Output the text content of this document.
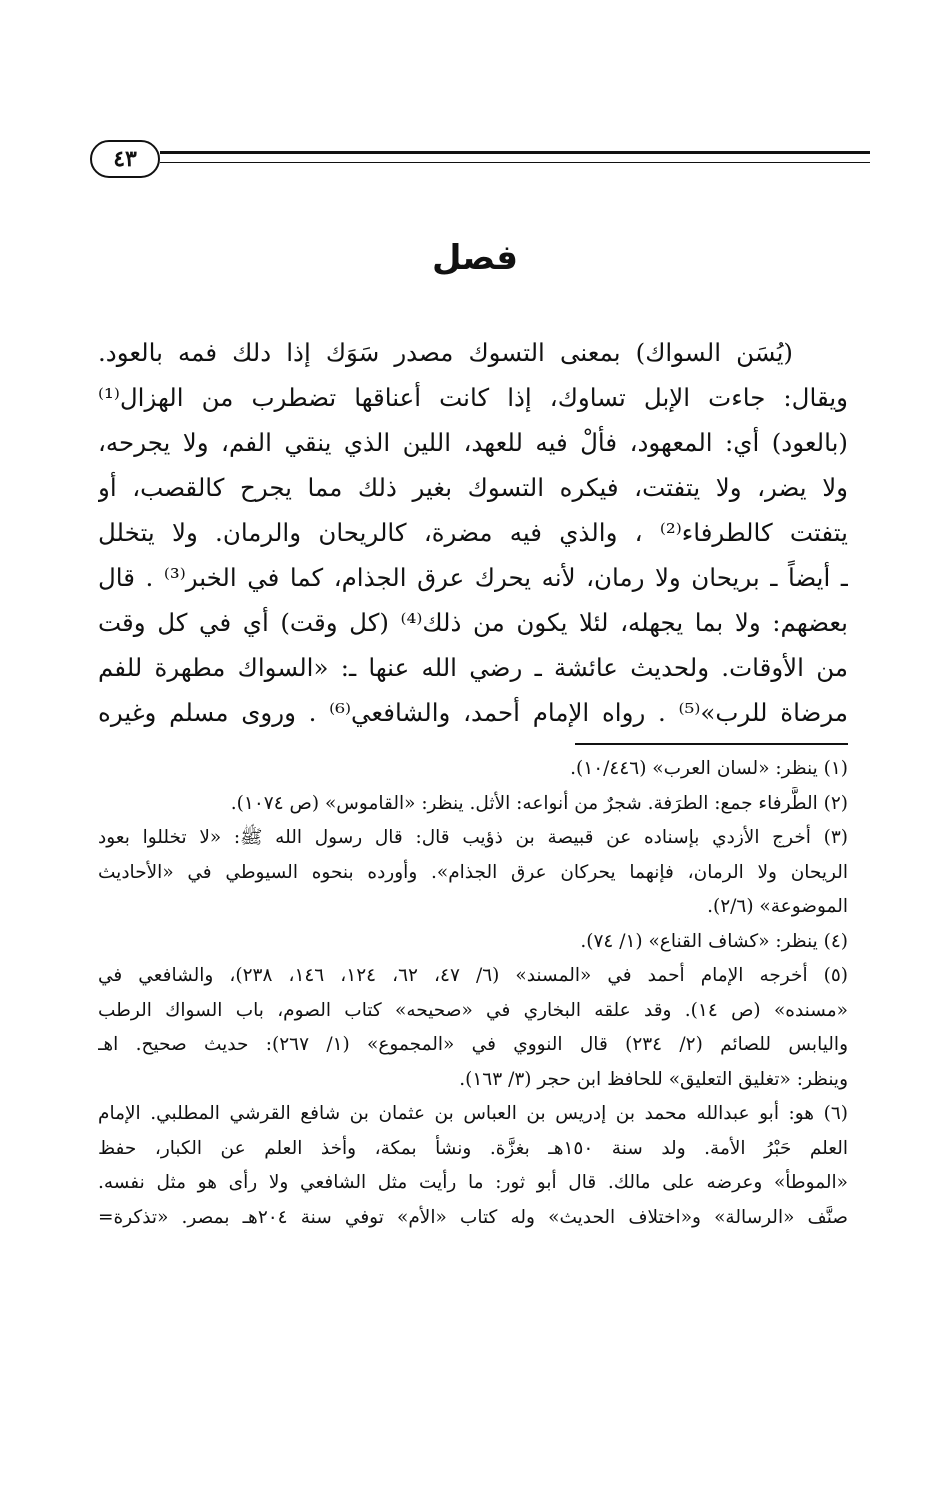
٤٣
فصل
(يُسَن السواك) بمعنى التسوك مصدر سَوَك إذا دلك فمه بالعود.
ويقال: جاءت الإبل تساوك، إذا كانت أعناقها تضطرب من الهزال⁽¹⁾
(بالعود) أي: المعهود، فألْ فيه للعهد، اللين الذي ينقي الفم، ولا يجرحه،
ولا يضر، ولا يتفتت، فيكره التسوك بغير ذلك مما يجرح كالقصب، أو
يتفتت كالطرفاء⁽²⁾ ، والذي فيه مضرة، كالريحان والرمان. ولا يتخلل
ـ أيضاً ـ بريحان ولا رمان، لأنه يحرك عرق الجذام، كما في الخبر⁽³⁾ . قال
بعضهم: ولا بما يجهله، لئلا يكون من ذلك⁽⁴⁾ (كل وقت) أي في كل وقت
من الأوقات. ولحديث عائشة ـ رضي الله عنها ـ: «السواك مطهرة للفم
مرضاة للرب»⁽⁵⁾ . رواه الإمام أحمد، والشافعي⁽⁶⁾ . وروى مسلم وغيره
(١) ينظر: «لسان العرب» (١٠/٤٤٦).
(٢) الطَّرفاء جمع: الطرَفة. شجرٌ من أنواعه: الأثل. ينظر: «القاموس» (ص ١٠٧٤).
(٣) أخرج الأزدي بإسناده عن قبيصة بن ذؤيب قال: قال رسول الله ﷺ: «لا تخللوا بعود
الريحان ولا الرمان، فإنهما يحركان عرق الجذام». وأورده بنحوه السيوطي في «الأحاديث
الموضوعة» (٢/٦).
(٤) ينظر: «كشاف القناع» (١/ ٧٤).
(٥) أخرجه الإمام أحمد في «المسند» (٦/ ٤٧، ٦٢، ١٢٤، ١٤٦، ٢٣٨)، والشافعي في
«مسنده» (ص ١٤). وقد علقه البخاري في «صحيحه» كتاب الصوم، باب السواك الرطب
واليابس للصائم (٢/ ٢٣٤) قال النووي في «المجموع» (١/ ٢٦٧): حديث صحيح. اهـ
وينظر: «تغليق التعليق» للحافظ ابن حجر (٣/ ١٦٣).
(٦) هو: أبو عبدالله محمد بن إدريس بن العباس بن عثمان بن شافع القرشي المطلبي. الإمام
العلم حَبْرُ الأمة. ولد سنة ١٥٠هـ بغزَّة. ونشأ بمكة، وأخذ العلم عن الكبار، حفظ
«الموطأ» وعرضه على مالك. قال أبو ثور: ما رأيت مثل الشافعي ولا رأى هو مثل نفسه.
صنَّف «الرسالة» و«اختلاف الحديث» وله كتاب «الأم» توفي سنة ٢٠٤هـ بمصر. «تذكرة=
